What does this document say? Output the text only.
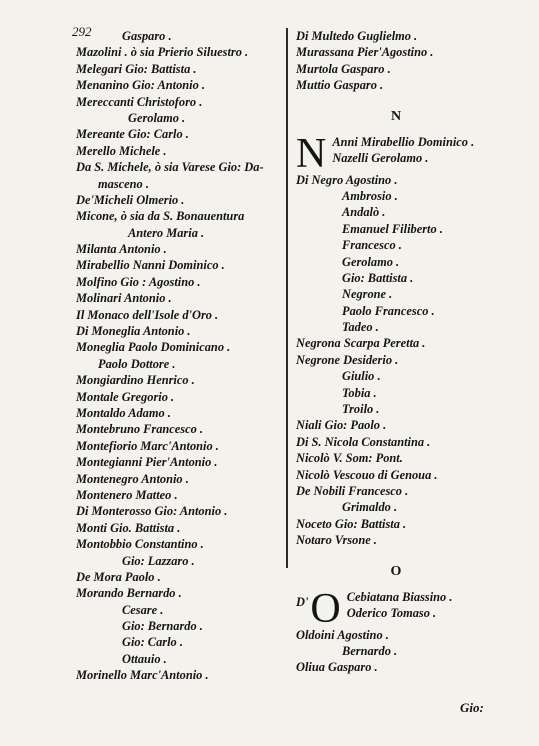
292	Gasparo .
Mazolini . ò sia Prierio Siluestro .
Melegari Gio: Battista .
Menanino Gio: Antonio .
Mereccanti Christoforo .
Gerolamo .
Mereante Gio: Carlo .
Merello Michele .
Da S. Michele, ò sia Varese Gio: Da-
masceno .
De'Micheli Olmerio .
Micone, ò sia da S. Bonauentura
Antero Maria .
Milanta Antonio .
Mirabellio Nanni Dominico .
Molfino Gio : Agostino .
Molinari Antonio .
Il Monaco dell'Isole d'Oro .
Di Moneglia Antonio .
Moneglia Paolo Dominicano .
Paolo Dottore .
Mongiardino Henrico .
Montale Gregorio .
Montaldo Adamo .
Montebruno Francesco .
Montefiorio Marc'Antonio .
Montegianni Pier'Antonio .
Montenegro Antonio .
Montenero Matteo .
Di Monterosso Gio: Antonio .
Monti Gio. Battista .
Montobbio Constantino .
Gio: Lazzaro .
De Mora Paolo .
Morando Bernardo .
Cesare .
Gio: Bernardo .
Gio: Carlo .
Ottauio .
Morinello Marc'Antonio .
Di Multedo Guglielmo .
Murassana Pier'Agostino .
Murtola Gasparo .
Muttio Gasparo .
N
N Anni Mirabellio Dominico .
Nazelli Gerolamo .
Di Negro Agostino .
Ambrosio .
Andalò .
Emanuel Filiberto .
Francesco .
Gerolamo .
Gio: Battista .
Negrone .
Paolo Francesco .
Tadeo .
Negrona Scarpa Peretta .
Negrone Desiderio .
Giulio .
Tobia .
Troilo .
Niali Gio: Paolo .
Di S. Nicola Constantina .
Nicolò V. Som: Pont.
Nicolò Vescouo di Genoua .
De Nobili Francesco .
Grimaldo .
Noceto Gio: Battista .
Notaro Vrsone .
O
D' O Cebiatana Biassino .
Oderico Tomaso .
Oldoini Agostino .
Bernardo .
Oliua Gasparo .
Gio:
